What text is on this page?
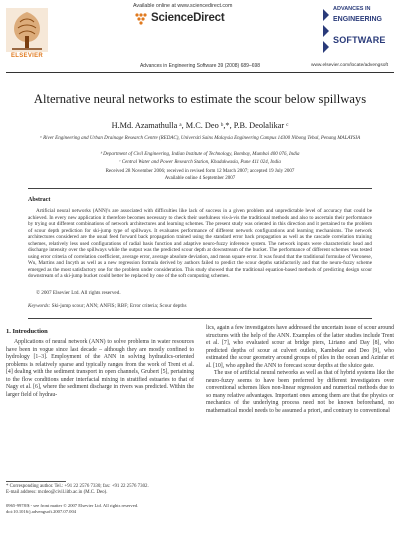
ELSEVIER
Available online at www.sciencedirect.com
ScienceDirect
ADVANCES IN
ENGINEERING
SOFTWARE
Advances in Engineering Software 39 (2008) 689–698	www.elsevier.com/locate/advengsoft
Alternative neural networks to estimate the scour below spillways
H.Md. Azamathulla ᵃ, M.C. Deo ᵇ,*, P.B. Deolalikar ᶜ
ᵃ River Engineering and Urban Drainage Research Centre (REDAC), Universiti Sains Malaysia Engineering Campus 14300 Nibong Tebal, Penang MALAYSIA
ᵇ Department of Civil Engineering, Indian Institute of Technology, Bombay, Mumbai 400 076, India
ᶜ Central Water and Power Research Station, Khadakwasla, Pune 411 024, India
Received 28 November 2006; received in revised form 12 March 2007; accepted 19 July 2007
Available online 4 September 2007
Abstract
Artificial neural networks (ANN)'s are associated with difficulties like lack of success in a given problem and unpredictable level of accuracy that could be achieved. In every new application it therefore becomes necessary to check their usefulness vis-à-vis the traditional methods and also to ascertain their performance by trying out different combinations of network architectures and learning schemes. The present study was oriented in this direction and it pertained to the problem of scour depth prediction for ski-jump type of spillways. It evaluates performance of different network configurations and learning mechanisms. The network architectures considered are the usual feed forward back propagation trained using the standard error back propagation as well as the cascade correlation training schemes, relatively less used configurations of radial basis function and adaptive neuro-fuzzy inference system. The network inputs were characteristic head and discharge intensity over the spillways while the output was the predicted scour depth at downstream of the bucket. The performance of different schemes was tested using error criteria of correlation coefficient, average error, average absolute deviation, and mean square error. It was found that the traditional formulae of Veronese, Wu, Martins and Incyth as well as a new regression formula derived by authors failed to predict the scour depths satisfactorily and that the neuro-fuzzy scheme emerged as the most satisfactory one for the problem under consideration. This study showed that the traditional equation-based methods of predicting design scour downstream of a ski-jump bucket could better be replaced by one of the soft computing schemes.
© 2007 Elsevier Ltd. All rights reserved.
Keywords: Ski-jump scour; ANN; ANFIS; RBF; Error criteria; Scour depths
1. Introduction
Applications of neural network (ANN) to solve problems in water resources have been in vogue since last decade – although they are mostly confined to hydrology [1–3]. Employment of the ANN in solving hydraulics-oriented problems is relatively sparse and typically ranges from the work of Trent et al. [4] dealing with the sediment transport in open channels, Grubert [5], pertaining to the flow conditions under interfacial mixing in stratified estuaries to that of Nagy et al. [6], where the sediment discharge in rivers was predicted. Within the larger field of hydrau-

lics, again a few investigators have addressed the uncertain issue of scour around structures with the help of the ANN. Examples of the latter studies include Trent et al. [7], who evaluated scour at bridge piers, Liriano and Day [8], who predicted depths of scour at culvert outlets, Kambekar and Deo [9], who estimated the scour geometry around groups of piles in the ocean and Azinfar et al. [10], who applied the ANN to forecast scour depths at the sluice gate.

The use of artificial neural networks as well as that of hybrid systems like the neuro-fuzzy seems to have been preferred by different investigators over conventional schemes likes non-linear regression and numerical methods due to so many relative advantages. Important ones among them are that the physics or mechanics of the underlying process need not be known beforehand, no mathematical model needs to be assumed a priori, and contrary to conventional

* Corresponding author. Tel.: +91 22 2576 7330; fax: +91 22 2576 7302.
E-mail address: mcdeo@civil.iitb.ac.in (M.C. Deo).
0965-9978/$ - see front matter © 2007 Elsevier Ltd. All rights reserved.
doi:10.1016/j.advengsoft.2007.07.004
